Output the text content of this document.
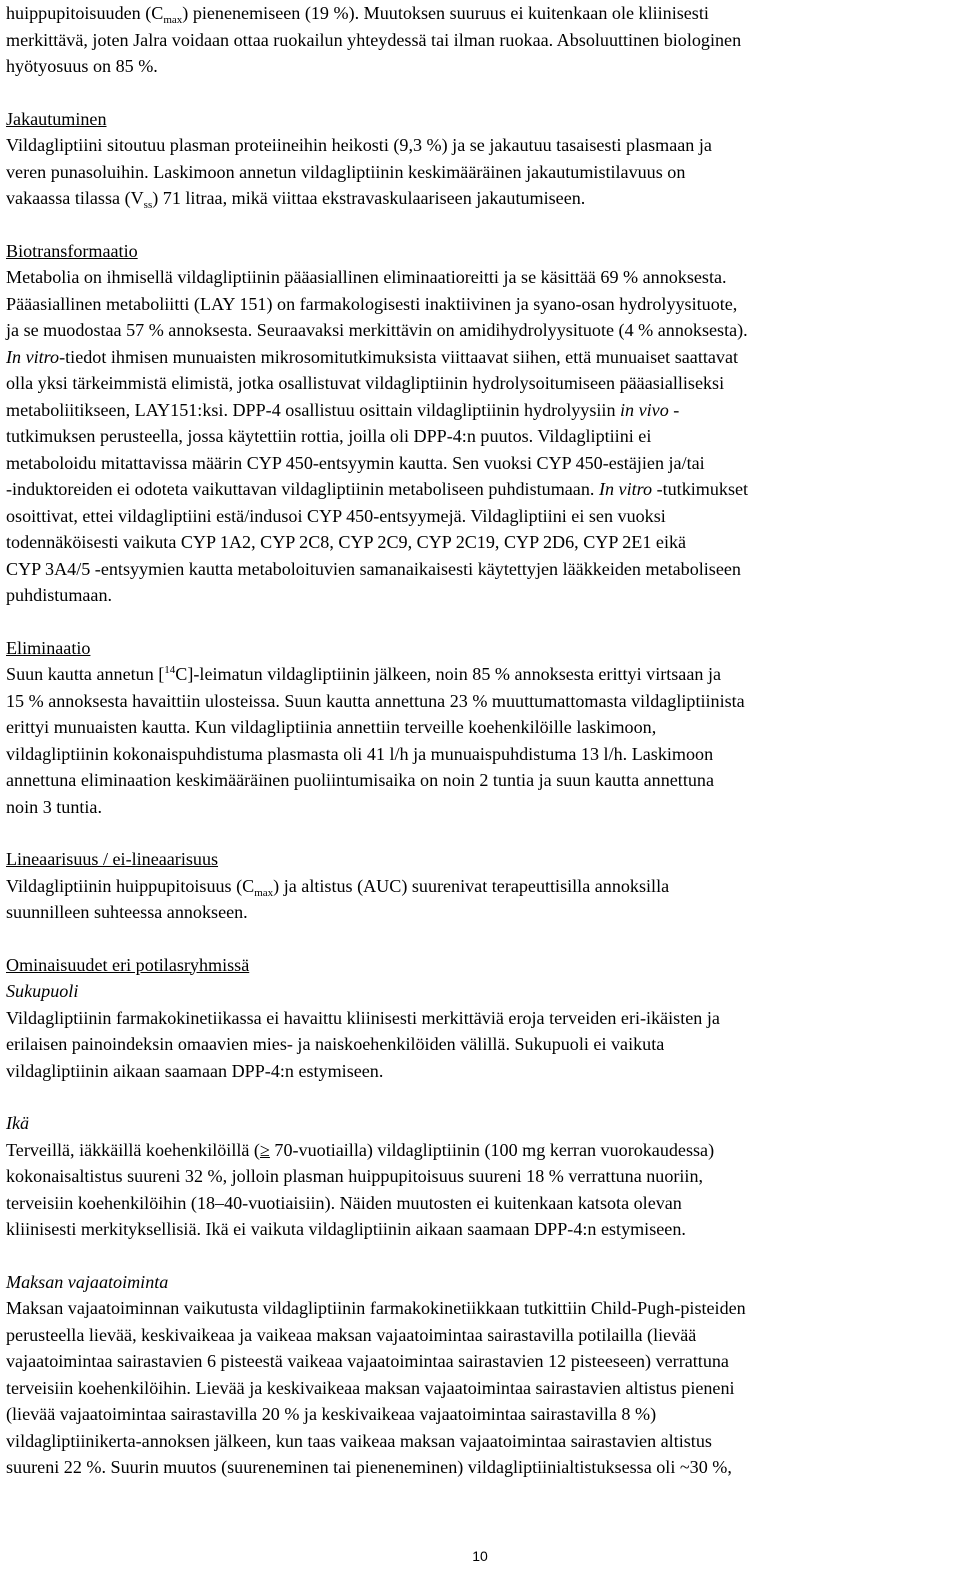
huippupitoisuuden $(C_{max})$ pienenemiseen (19 %). Muutoksen suuruus ei kuitenkaan ole kliinisesti
merkittävä, joten Jalra voidaan ottaa ruokailun yhteydessä tai ilman ruokaa. Absoluuttinen biologinen
hyötyosuus on 85 %.
Jakautuminen
Vildagliptiini sitoutuu plasman proteiineihin heikosti (9,3 %) ja se jakautuu tasaisesti plasmaan ja
veren punasoluihin. Laskimoon annetun vildagliptiinin keskimääräinen jakautumistilavuus on
vakaassa tilassa $(V_{ss})$ 71 litraa, mikä viittaa ekstravaskulaariseen jakautumiseen.
Biotransformaatio
Metabolia on ihmisellä vildagliptiinin pääasiallinen eliminaatioreitti ja se käsittää 69 % annoksesta.
Pääasiallinen metaboliitti (LAY 151) on farmakologisesti inaktiivinen ja syano-osan hydrolyysituote,
ja se muodostaa 57 % annoksesta. Seuraavaksi merkittävin on amidihydrolyysituote (4 % annoksesta).
In vitro-tiedot ihmisen munuaisten mikrosomitutkimuksista viittaavat siihen, että munuaiset saattavat
olla yksi tärkeimmistä elimistä, jotka osallistuvat vildagliptiinin hydrolysoitumiseen pääasialliseksi
metaboliitikseen, LAY151:ksi. DPP-4 osallistuu osittain vildagliptiinin hydrolyysiin in vivo -
tutkimuksen perusteella, jossa käytettiin rottia, joilla oli DPP-4:n puutos. Vildagliptiini ei
metaboloidu mitattavissa määrin CYP 450-entsyymin kautta. Sen vuoksi CYP 450-estäjien ja/tai
-induktoreiden ei odoteta vaikuttavan vildagliptiinin metaboliseen puhdistumaan. In vitro -tutkimukset
osoittivat, ettei vildagliptiini estä/indusoi CYP 450-entsyymejä. Vildagliptiini ei sen vuoksi
todennäköisesti vaikuta CYP 1A2, CYP 2C8, CYP 2C9, CYP 2C19, CYP 2D6, CYP 2E1 eikä
CYP 3A4/5 -entsyymien kautta metaboloituvien samanaikaisesti käytettyjen lääkkeiden metaboliseen
puhdistumaan.
Eliminaatio
Suun kautta annetun [$^{14}$C]-leimatun vildagliptiinin jälkeen, noin 85 % annoksesta erittyi virtsaan ja
15 % annoksesta havaittiin ulosteissa. Suun kautta annettuna 23 % muuttumattomasta vildagliptiinista
erittyi munuaisten kautta. Kun vildagliptiinia annettiin terveille koehenkilöille laskimoon,
vildagliptiinin kokonaispuhdistuma plasmasta oli 41 l/h ja munuaispuhdistuma 13 l/h. Laskimoon
annettuna eliminaation keskimääräinen puoliintumisaika on noin 2 tuntia ja suun kautta annettuna
noin 3 tuntia.
Lineaarisuus / ei-lineaarisuus
Vildagliptiinin huippupitoisuus $(C_{max})$ ja altistus (AUC) suurenivat terapeuttisilla annoksilla
suunnilleen suhteessa annokseen.
Ominaisuudet eri potilasryhmissä
Sukupuoli
Vildagliptiinin farmakokinetiikassa ei havaittu kliinisesti merkittäviä eroja terveiden eri-ikäisten ja
erilaisen painoindeksin omaavien mies- ja naiskoehenkilöiden välillä. Sukupuoli ei vaikuta
vildagliptiinin aikaan saamaan DPP-4:n estymiseen.
Ikä
Terveillä, iäkkäillä koehenkilöillä (≥ 70-vuotiailla) vildagliptiinin (100 mg kerran vuorokaudessa)
kokonaisaltistus suureni 32 %, jolloin plasman huippupitoisuus suureni 18 % verrattuna nuoriin,
terveisiin koehenkilöihin (18–40-vuotiaisiin). Näiden muutosten ei kuitenkaan katsota olevan
kliinisesti merkityksellisiä. Ikä ei vaikuta vildagliptiinin aikaan saamaan DPP-4:n estymiseen.
Maksan vajaatoiminta
Maksan vajaatoiminnan vaikutusta vildagliptiinin farmakokinetiikkaan tutkittiin Child-Pugh-pisteiden
perusteella lievää, keskivaikeaa ja vaikeaa maksan vajaatoimintaa sairastavilla potilailla (lievää
vajaatoimintaa sairastavien 6 pisteestä vaikeaa vajaatoimintaa sairastavien 12 pisteeseen) verrattuna
terveisiin koehenkilöihin. Lievää ja keskivaikeaa maksan vajaatoimintaa sairastavien altistus pieneni
(lievää vajaatoimintaa sairastavilla 20 % ja keskivaikeaa vajaatoimintaa sairastavilla 8 %)
vildagliptiinikerta-annoksen jälkeen, kun taas vaikeaa maksan vajaatoimintaa sairastavien altistus
suureni 22 %. Suurin muutos (suureneminen tai pieneneminen) vildagliptiinialtistuksessa oli ~30 %,
10
